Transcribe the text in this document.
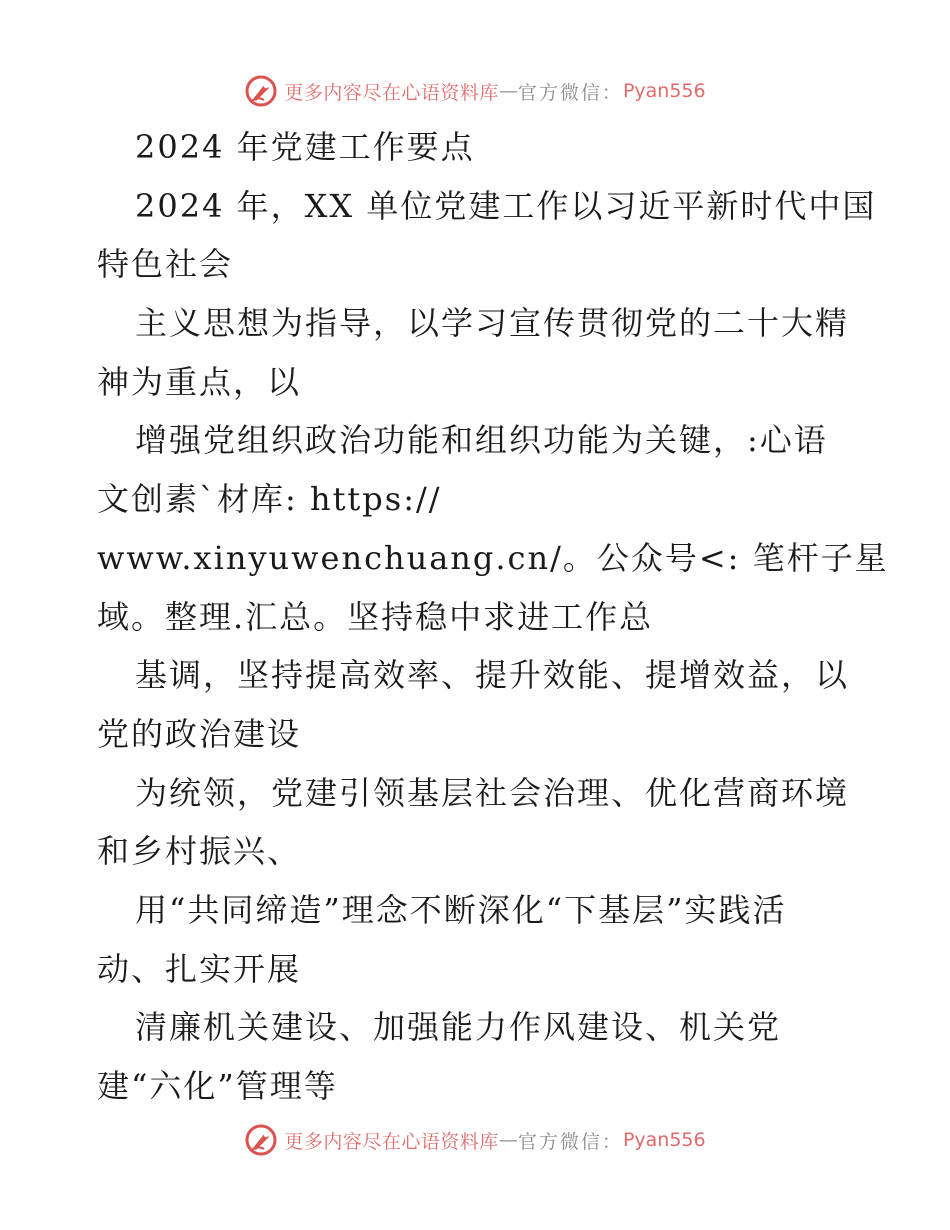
更多内容尽在心语资料库 — 官方微信： Pyan556
2024 年党建工作要点
2024 年，XX 单位党建工作以习近平新时代中国
特色社会
主义思想为指导，以学习宣传贯彻党的二十大精
神为重点，以
增强党组织政治功能和组织功能为关键，:心语
文创素`材库: https://
www.xinyuwenchuang.cn/。公众号<: 笔杆子星
域。整理.汇总。坚持稳中求进工作总
基调，坚持提高效率、提升效能、提增效益，以
党的政治建设
为统领，党建引领基层社会治理、优化营商环境
和乡村振兴、
用“共同缔造”理念不断深化“下基层”实践活
动、扎实开展
清廉机关建设、加强能力作风建设、机关党
建“六化”管理等
更多内容尽在心语资料库 — 官方微信： Pyan556
